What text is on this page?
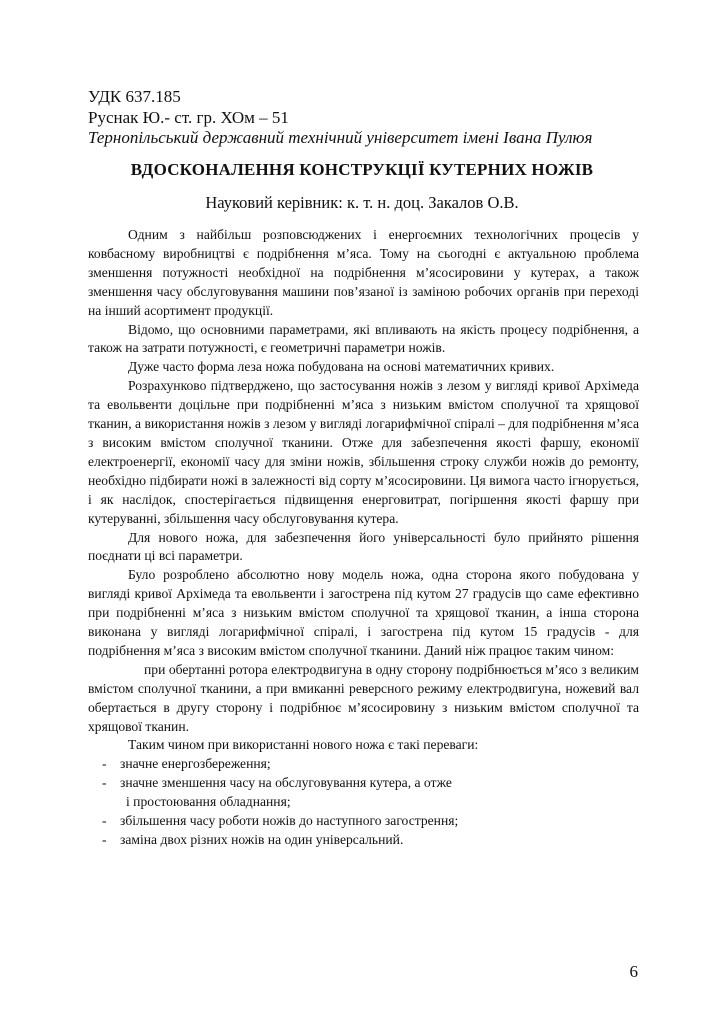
УДК 637.185
Руснак Ю.- ст. гр. ХОм – 51
Тернопільський державний технічний університет імені Івана Пулюя
ВДОСКОНАЛЕННЯ КОНСТРУКЦІЇ КУТЕРНИХ НОЖІВ
Науковий керівник: к. т. н. доц. Закалов О.В.

Одним з найбільш розповсюджених і енергоємних технологічних процесів у ковбасному виробництві є подрібнення м’яса. Тому на сьогодні є актуальною проблема зменшення потужності необхідної на подрібнення м’ясосировини у кутерах, а також зменшення часу обслуговування машини пов’язаної із заміною робочих органів при переході на інший асортимент продукції.

Відомо, що основними параметрами, які впливають на якість процесу подрібнення, а також на затрати потужності, є геометричні параметри ножів.

Дуже часто форма леза ножа побудована на основі математичних кривих.

Розрахунково підтверджено, що застосування ножів з лезом у вигляді кривої Архімеда та евольвенти доцільне при подрібненні м’яса з низьким вмістом сполучної та хрящової тканин, а використання ножів з лезом у вигляді логарифмічної спіралі – для подрібнення м’яса з високим вмістом сполучної тканини. Отже для забезпечення якості фаршу, економії електроенергії, економії часу для зміни ножів, збільшення строку служби ножів до ремонту, необхідно підбирати ножі в залежності від сорту м’ясосировини. Ця вимога часто ігнорується, і як наслідок, спостерігається підвищення енерговитрат, погіршення якості фаршу при кутеруванні, збільшення часу обслуговування кутера.

Для нового ножа, для забезпечення його універсальності було прийнято рішення поєднати ці всі параметри.

Було розроблено абсолютно нову модель ножа, одна сторона якого побудована у вигляді кривої Архімеда та евольвенти і загострена під кутом 27 градусів що саме ефективно при подрібненні м’яса з низьким вмістом сполучної та хрящової тканин, а інша сторона виконана у вигляді логарифмічної спіралі, і загострена під кутом 15 градусів - для подрібнення м’яса з високим вмістом сполучної тканини. Даний ніж працює таким чином:

при обертанні ротора електродвигуна в одну сторону подрібнюється м’ясо з великим вмістом сполучної тканини, а при вмиканні реверсного режиму електродвигуна, ножевий вал обертається в другу сторону і подрібнює м’ясосировину з низьким вмістом сполучної та хрящової тканин.

Таким чином при використанні нового ножа є такі переваги:

- значне енергозбереження;
- значне зменшення часу на обслуговування кутера, а отже
і простоювання обладнання;
- збільшення часу роботи ножів до наступного загострення;
- заміна двох різних ножів на один універсальний.
6
